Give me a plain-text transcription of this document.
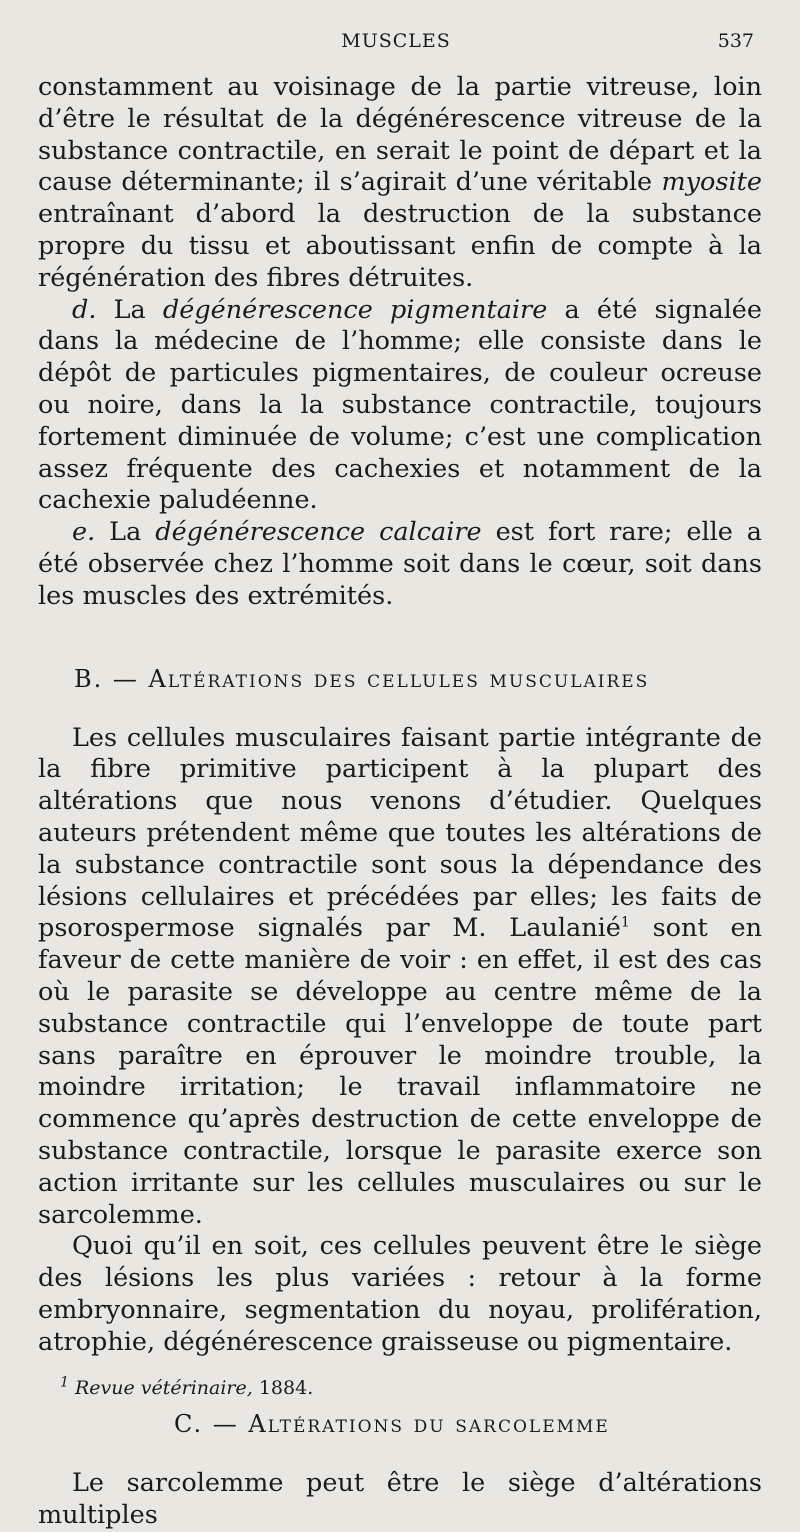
MUSCLES	537

constamment au voisinage de la partie vitreuse, loin d’être le résultat de la dégénérescence vitreuse de la substance contractile, en serait le point de départ et la cause déterminante; il s’agirait d’une véritable myosite entraînant d’abord la destruction de la substance propre du tissu et aboutissant enfin de compte à la régénération des fibres détruites.

d. La dégénérescence pigmentaire a été signalée dans la médecine de l’homme; elle consiste dans le dépôt de particules pigmentaires, de couleur ocreuse ou noire, dans la la substance contractile, toujours fortement diminuée de volume; c’est une complication assez fréquente des cachexies et notamment de la cachexie paludéenne.

e. La dégénérescence calcaire est fort rare; elle a été observée chez l’homme soit dans le cœur, soit dans les muscles des extrémités.

B. — Altérations des cellules musculaires

Les cellules musculaires faisant partie intégrante de la fibre primitive participent à la plupart des altérations que nous venons d’étudier. Quelques auteurs prétendent même que toutes les altérations de la substance contractile sont sous la dépendance des lésions cellulaires et précédées par elles; les faits de psorospermose signalés par M. Laulanié$^1$ sont en faveur de cette manière de voir : en effet, il est des cas où le parasite se développe au centre même de la substance contractile qui l’enveloppe de toute part sans paraître en éprouver le moindre trouble, la moindre irritation; le travail inflammatoire ne commence qu’après destruction de cette enveloppe de substance contractile, lorsque le parasite exerce son action irritante sur les cellules musculaires ou sur le sarcolemme.

Quoi qu’il en soit, ces cellules peuvent être le siège des lésions les plus variées : retour à la forme embryonnaire, segmentation du noyau, prolifération, atrophie, dégénérescence graisseuse ou pigmentaire.

C. — Altérations du sarcolemme

Le sarcolemme peut être le siège d’altérations multiples

$^1$ Revue vétérinaire, 1884.
